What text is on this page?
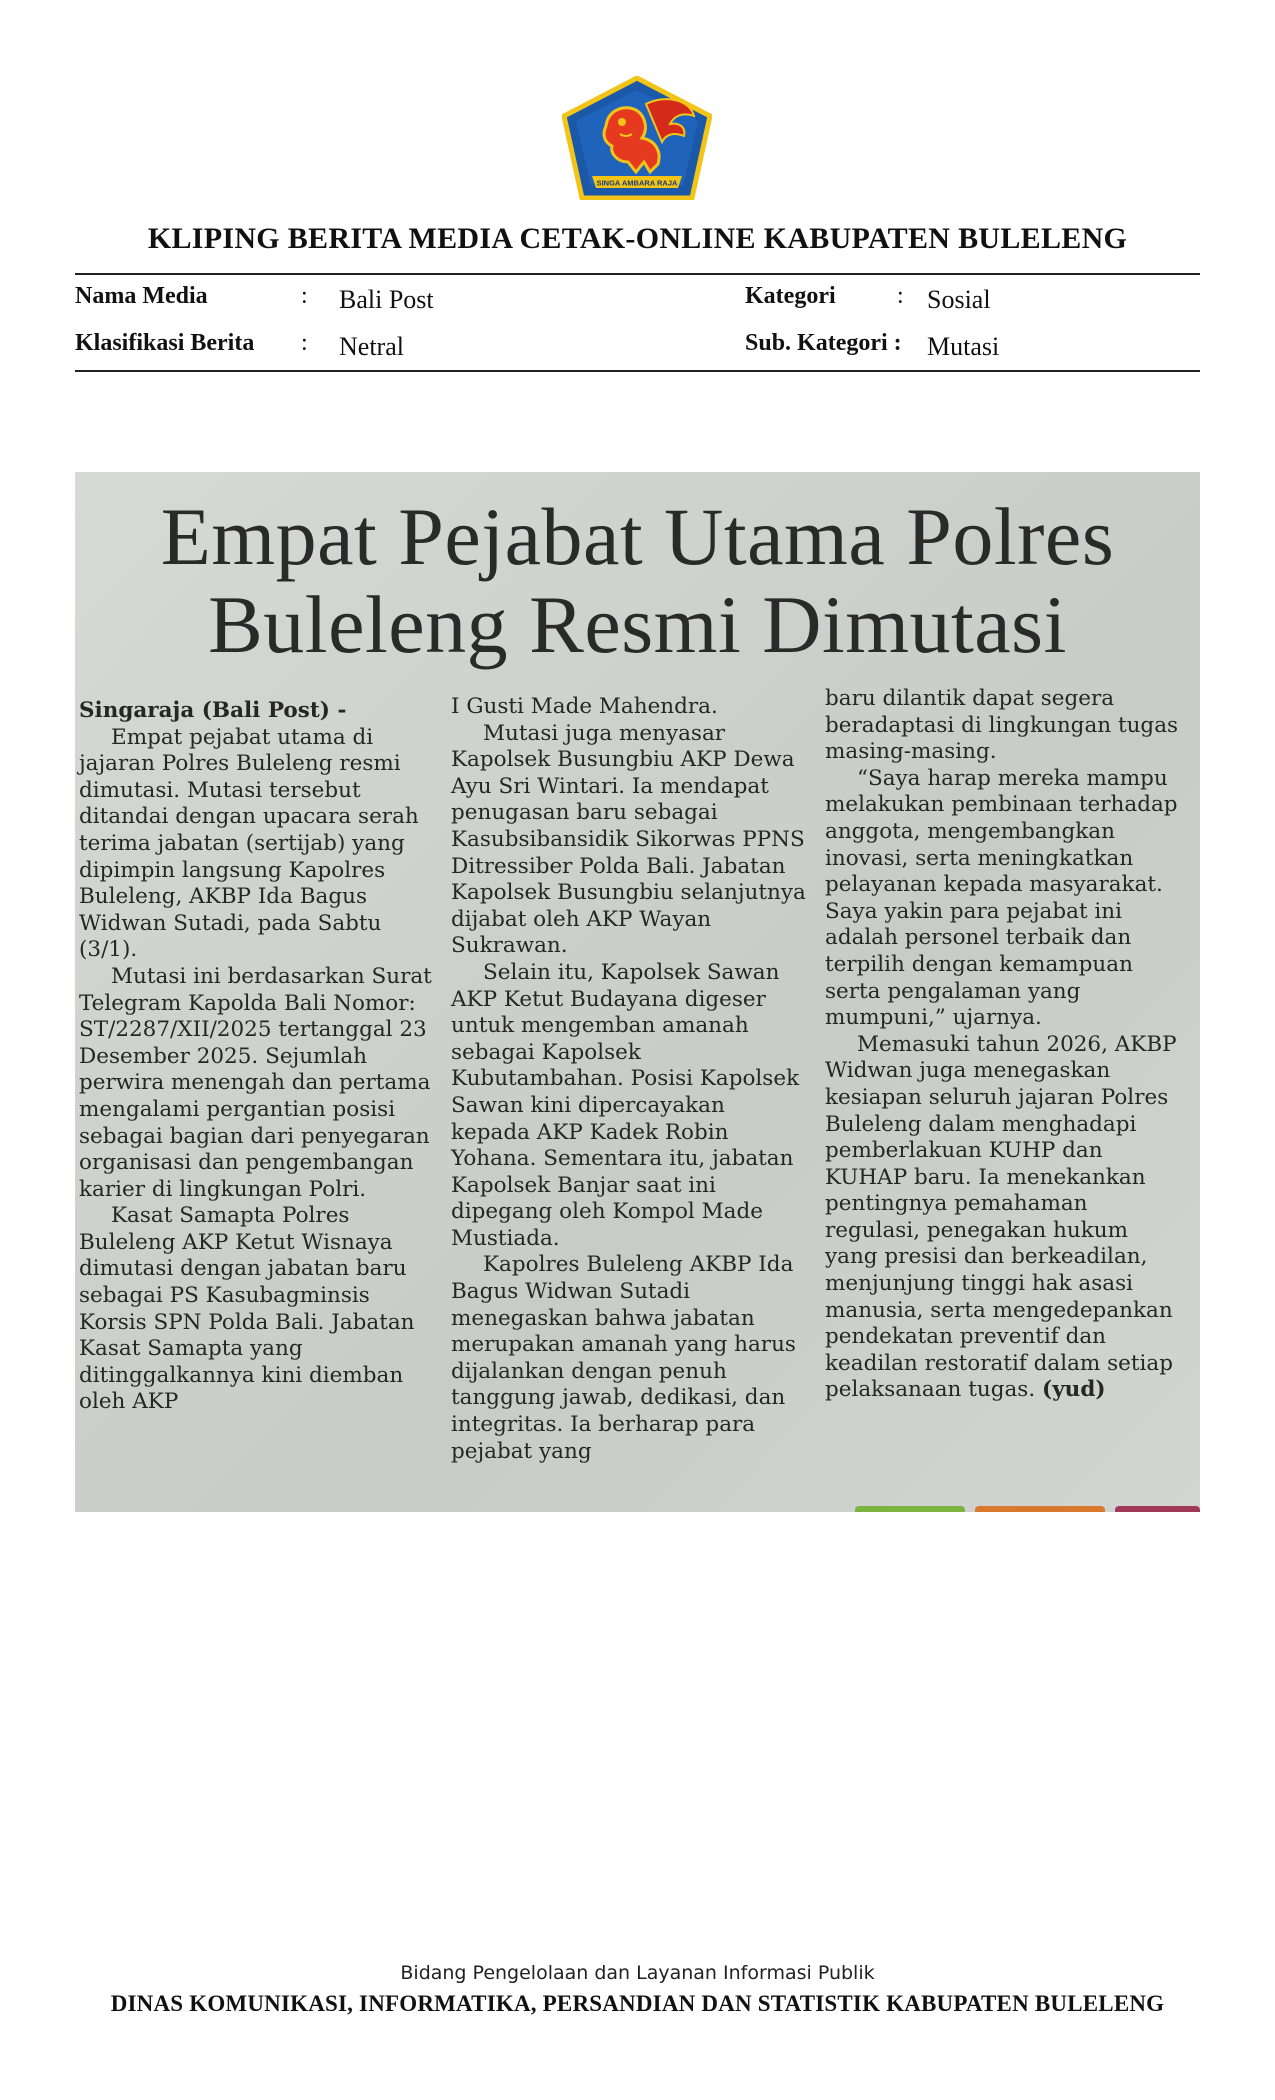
SINGA AMBARA RAJA
KLIPING BERITA MEDIA CETAK-ONLINE KABUPATEN BULELENG
Nama Media	: Bali Post
Klasifikasi Berita : Netral
Kategori	: Sosial
Sub. Kategori : Mutasi
Empat Pejabat Utama Polres
Buleleng Resmi Dimutasi

Singaraja (Bali Post) -

Empat pejabat utama di jajaran Polres Buleleng resmi dimutasi. Mutasi tersebut ditandai dengan upacara serah terima jabatan (sertijab) yang dipimpin langsung Kapolres Buleleng, AKBP Ida Bagus Widwan Sutadi, pada Sabtu (3/1).

Mutasi ini berdasarkan Surat Telegram Kapolda Bali Nomor: ST/2287/XII/2025 tertanggal 23 Desember 2025. Sejumlah perwira menengah dan pertama mengalami pergantian posisi sebagai bagian dari penyegaran organisasi dan pengembangan karier di lingkungan Polri.

Kasat Samapta Polres Buleleng AKP Ketut Wisnaya dimutasi dengan jabatan baru sebagai PS Kasubagminsis Korsis SPN Polda Bali. Jabatan Kasat Samapta yang ditinggalkannya kini diemban oleh AKP

I Gusti Made Mahendra.

Mutasi juga menyasar Kapolsek Busungbiu AKP Dewa Ayu Sri Wintari. Ia mendapat penugasan baru sebagai Kasubsibansidik Sikorwas PPNS Ditressiber Polda Bali. Jabatan Kapolsek Busungbiu selanjutnya dijabat oleh AKP Wayan Sukrawan.

Selain itu, Kapolsek Sawan AKP Ketut Budayana digeser untuk mengemban amanah sebagai Kapolsek Kubutambahan. Posisi Kapolsek Sawan kini dipercayakan kepada AKP Kadek Robin Yohana. Sementara itu, jabatan Kapolsek Banjar saat ini dipegang oleh Kompol Made Mustiada.

Kapolres Buleleng AKBP Ida Bagus Widwan Sutadi menegaskan bahwa jabatan merupakan amanah yang harus dijalankan dengan penuh tanggung jawab, dedikasi, dan integritas. Ia berharap para pejabat yang

baru dilantik dapat segera beradaptasi di lingkungan tugas masing-masing.

“Saya harap mereka mampu melakukan pembinaan terhadap anggota, mengembangkan inovasi, serta meningkatkan pelayanan kepada masyarakat. Saya yakin para pejabat ini adalah personel terbaik dan terpilih dengan kemampuan serta pengalaman yang mumpuni,” ujarnya.

Memasuki tahun 2026, AKBP Widwan juga menegaskan kesiapan seluruh jajaran Polres Buleleng dalam menghadapi pemberlakuan KUHP dan KUHAP baru. Ia menekankan pentingnya pemahaman regulasi, penegakan hukum yang presisi dan berkeadilan, menjunjung tinggi hak asasi manusia, serta mengedepankan pendekatan preventif dan keadilan restoratif dalam setiap pelaksanaan tugas. (yud)

Bidang Pengelolaan dan Layanan Informasi Publik
DINAS KOMUNIKASI, INFORMATIKA, PERSANDIAN DAN STATISTIK KABUPATEN BULELENG
